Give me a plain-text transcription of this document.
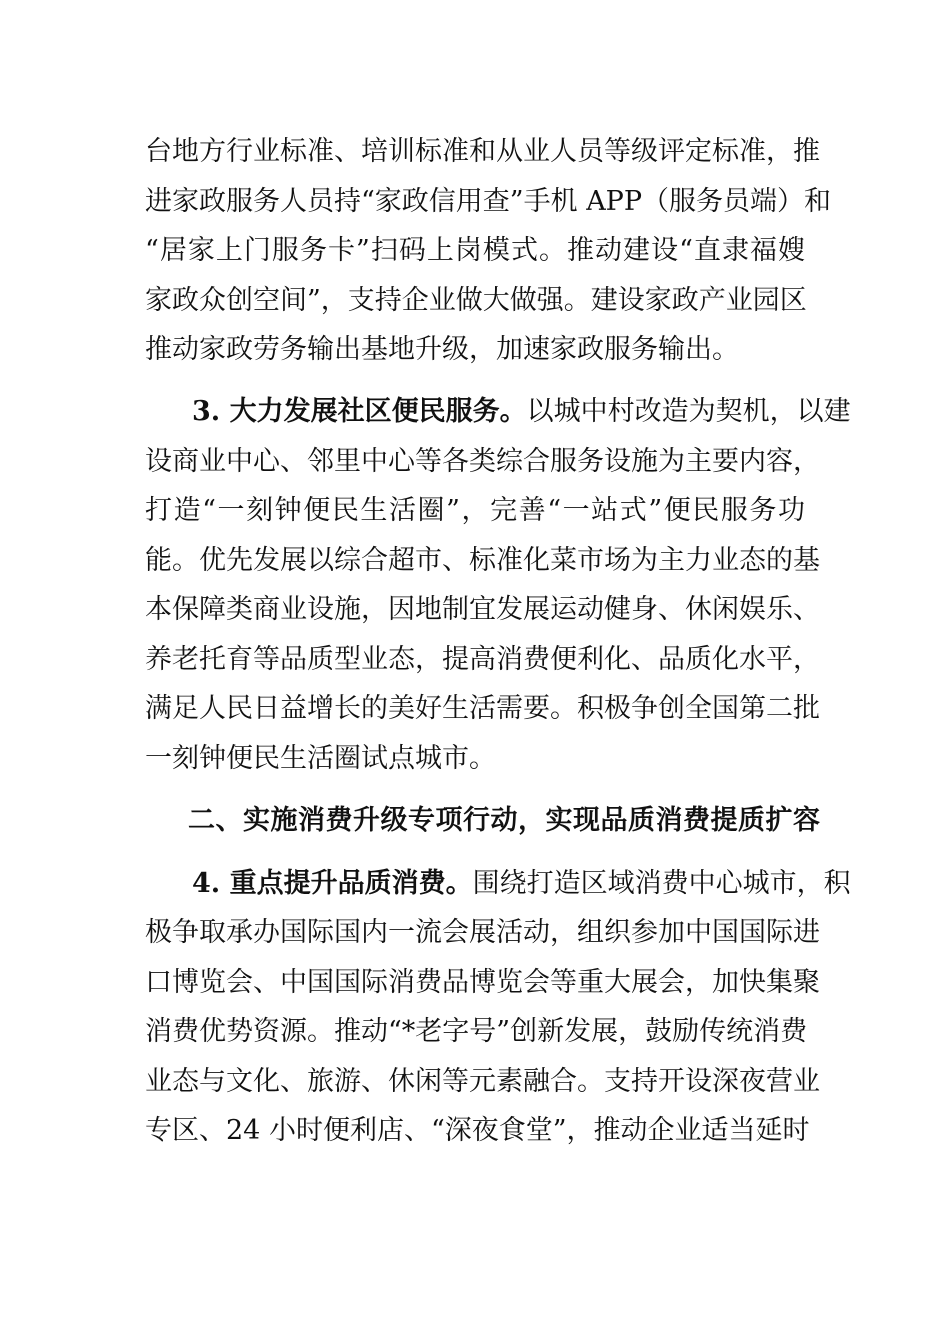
台地方行业标准、培训标准和从业人员等级评定标准，推
进家政服务人员持“家政信用查”手机 APP（服务员端）和
“居家上门服务卡”扫码上岗模式。推动建设“直隶福嫂
家政众创空间”，支持企业做大做强。建设家政产业园区
推动家政劳务输出基地升级，加速家政服务输出。
3. 大力发展社区便民服务。以城中村改造为契机，以建
设商业中心、邻里中心等各类综合服务设施为主要内容，
打造“一刻钟便民生活圈”，完善“一站式”便民服务功
能。优先发展以综合超市、标准化菜市场为主力业态的基
本保障类商业设施，因地制宜发展运动健身、休闲娱乐、
养老托育等品质型业态，提高消费便利化、品质化水平，
满足人民日益增长的美好生活需要。积极争创全国第二批
一刻钟便民生活圈试点城市。
二、实施消费升级专项行动，实现品质消费提质扩容
4. 重点提升品质消费。围绕打造区域消费中心城市，积
极争取承办国际国内一流会展活动，组织参加中国国际进
口博览会、中国国际消费品博览会等重大展会，加快集聚
消费优势资源。推动“*老字号”创新发展，鼓励传统消费
业态与文化、旅游、休闲等元素融合。支持开设深夜营业
专区、24 小时便利店、“深夜食堂”，推动企业适当延时
